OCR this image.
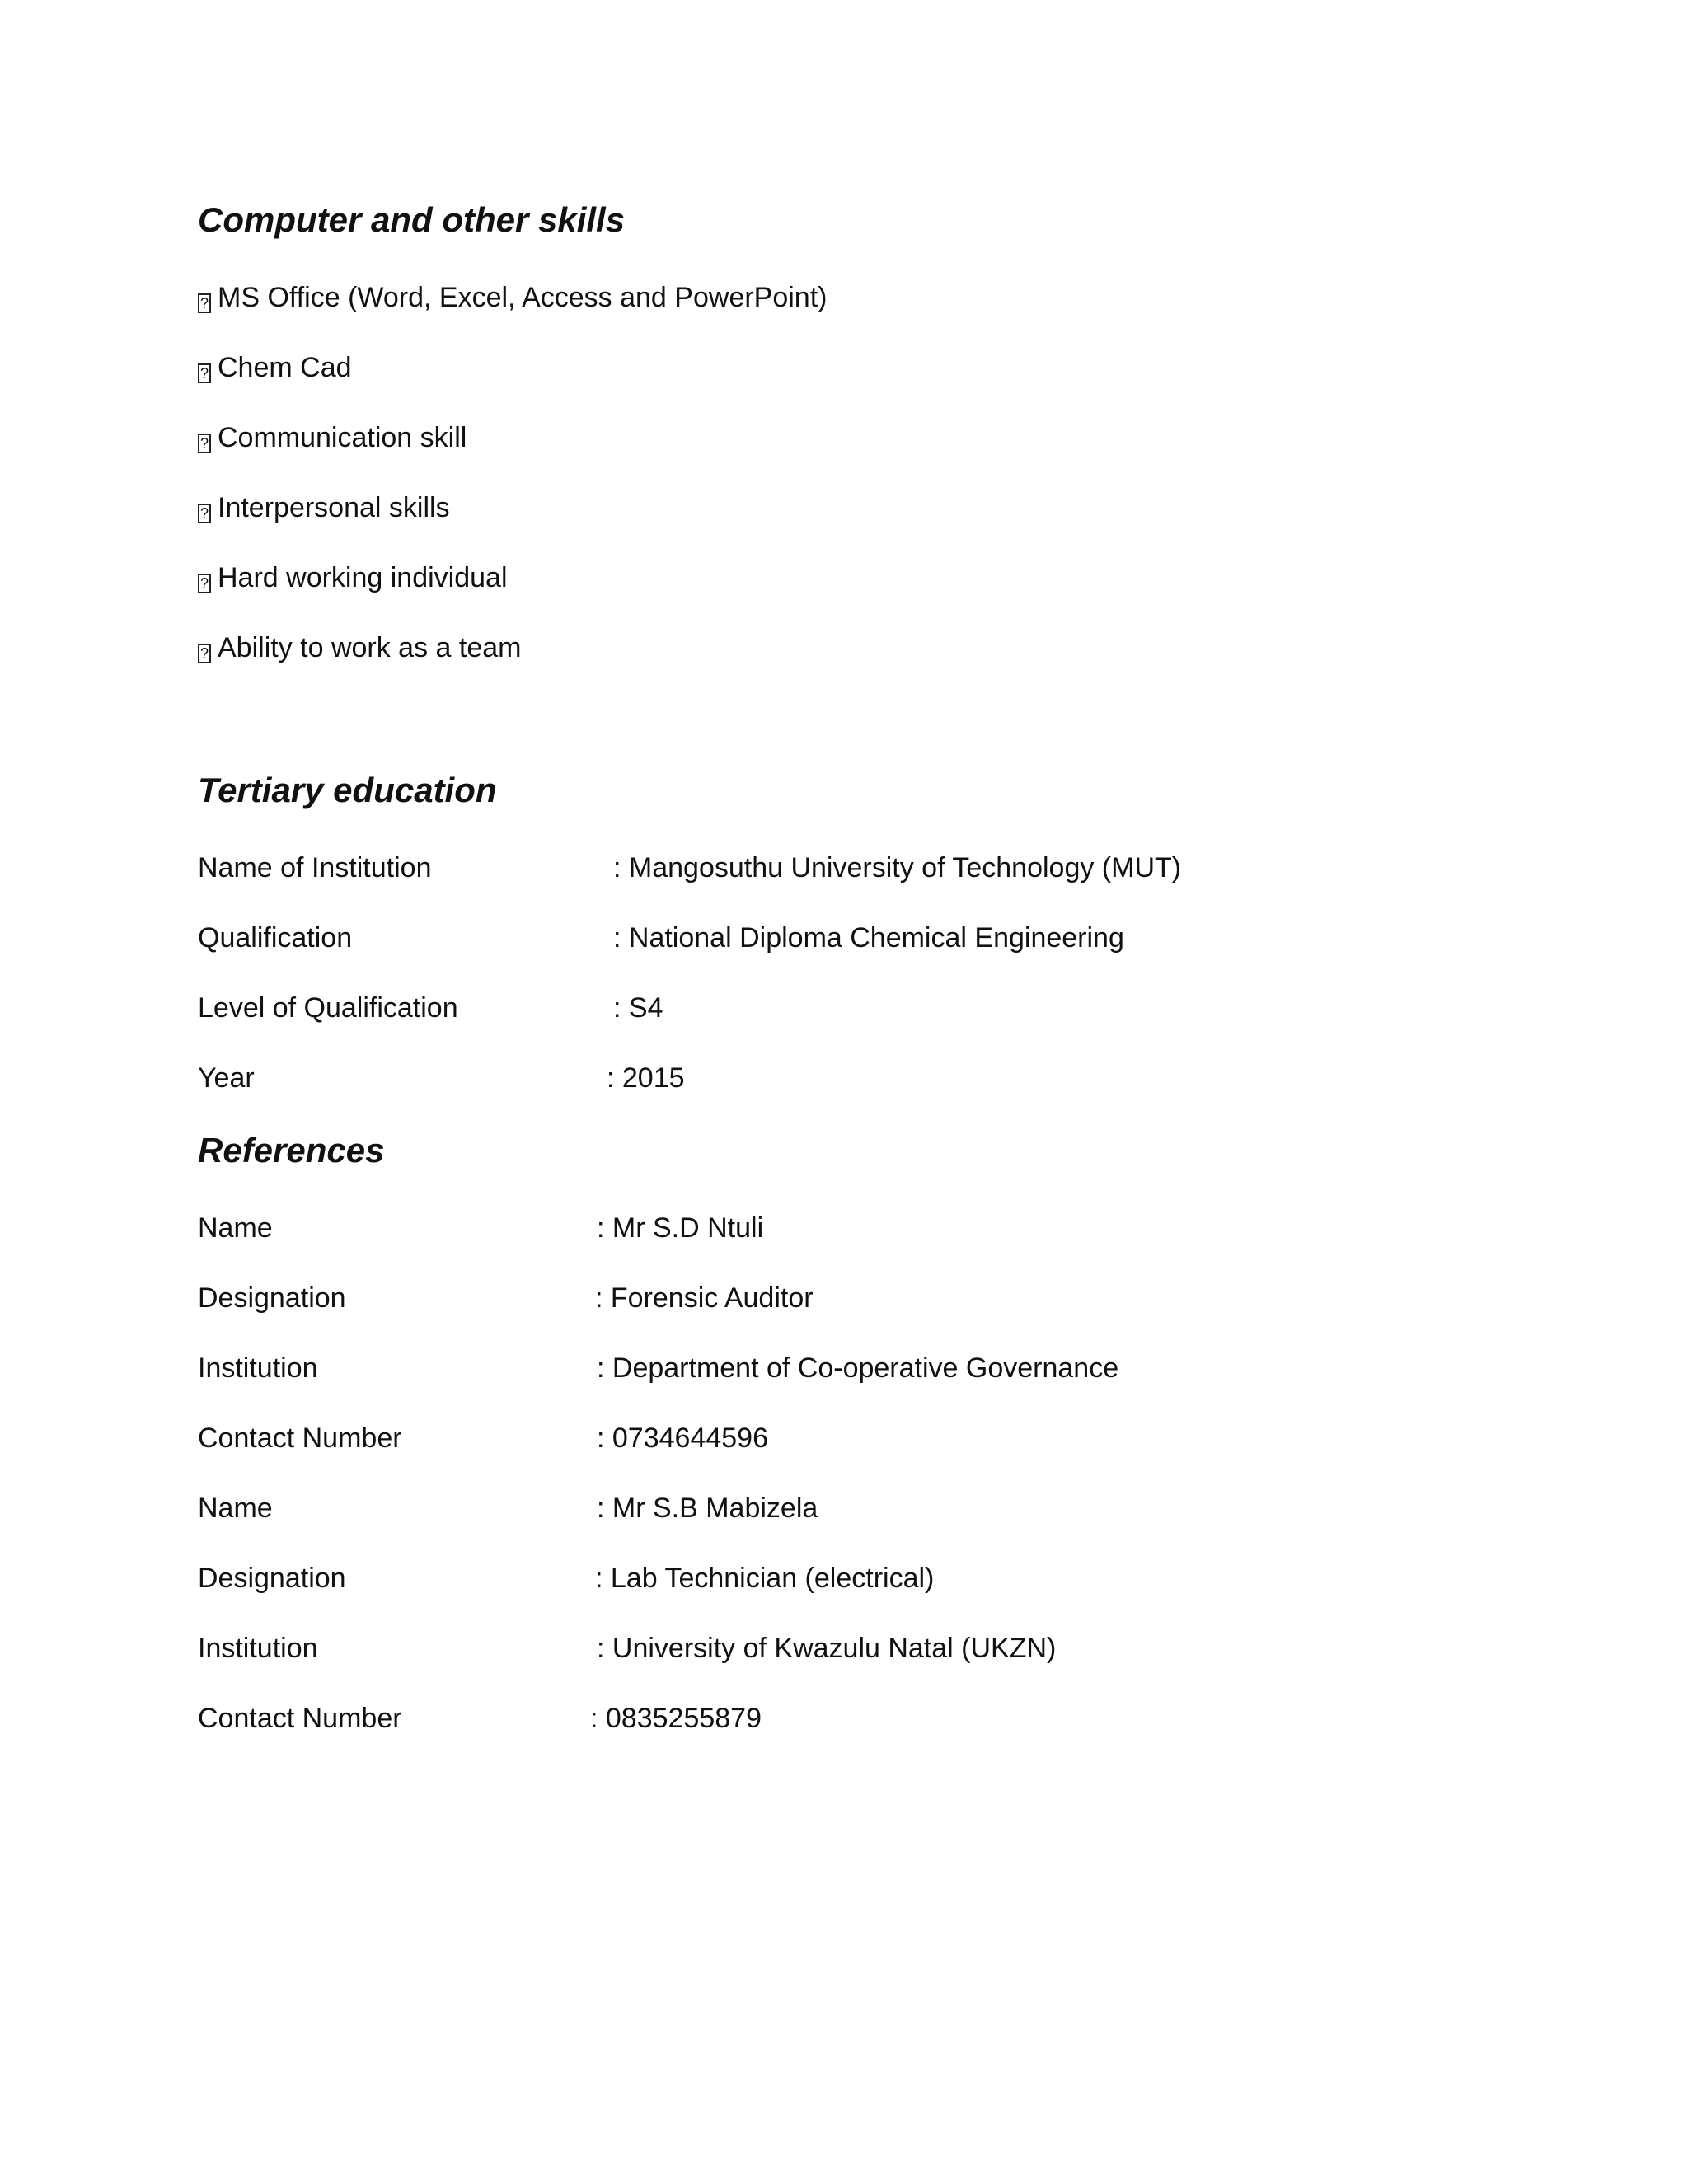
Computer and other skills

? MS Office (Word, Excel, Access and PowerPoint)

? Chem Cad

? Communication skill

? Interpersonal skills

? Hard working individual

? Ability to work as a team

Tertiary education
Name of Institution	: Mangosuthu University of Technology (MUT)
Qualification	: National Diploma Chemical Engineering
Level of Qualification	: S4
Year	: 2015
References
Name	: Mr S.D Ntuli
Designation	: Forensic Auditor
Institution	: Department of Co-operative Governance
Contact Number	: 0734644596
Name	: Mr S.B Mabizela
Designation	: Lab Technician (electrical)
Institution	: University of Kwazulu Natal (UKZN)
Contact Number	: 0835255879
